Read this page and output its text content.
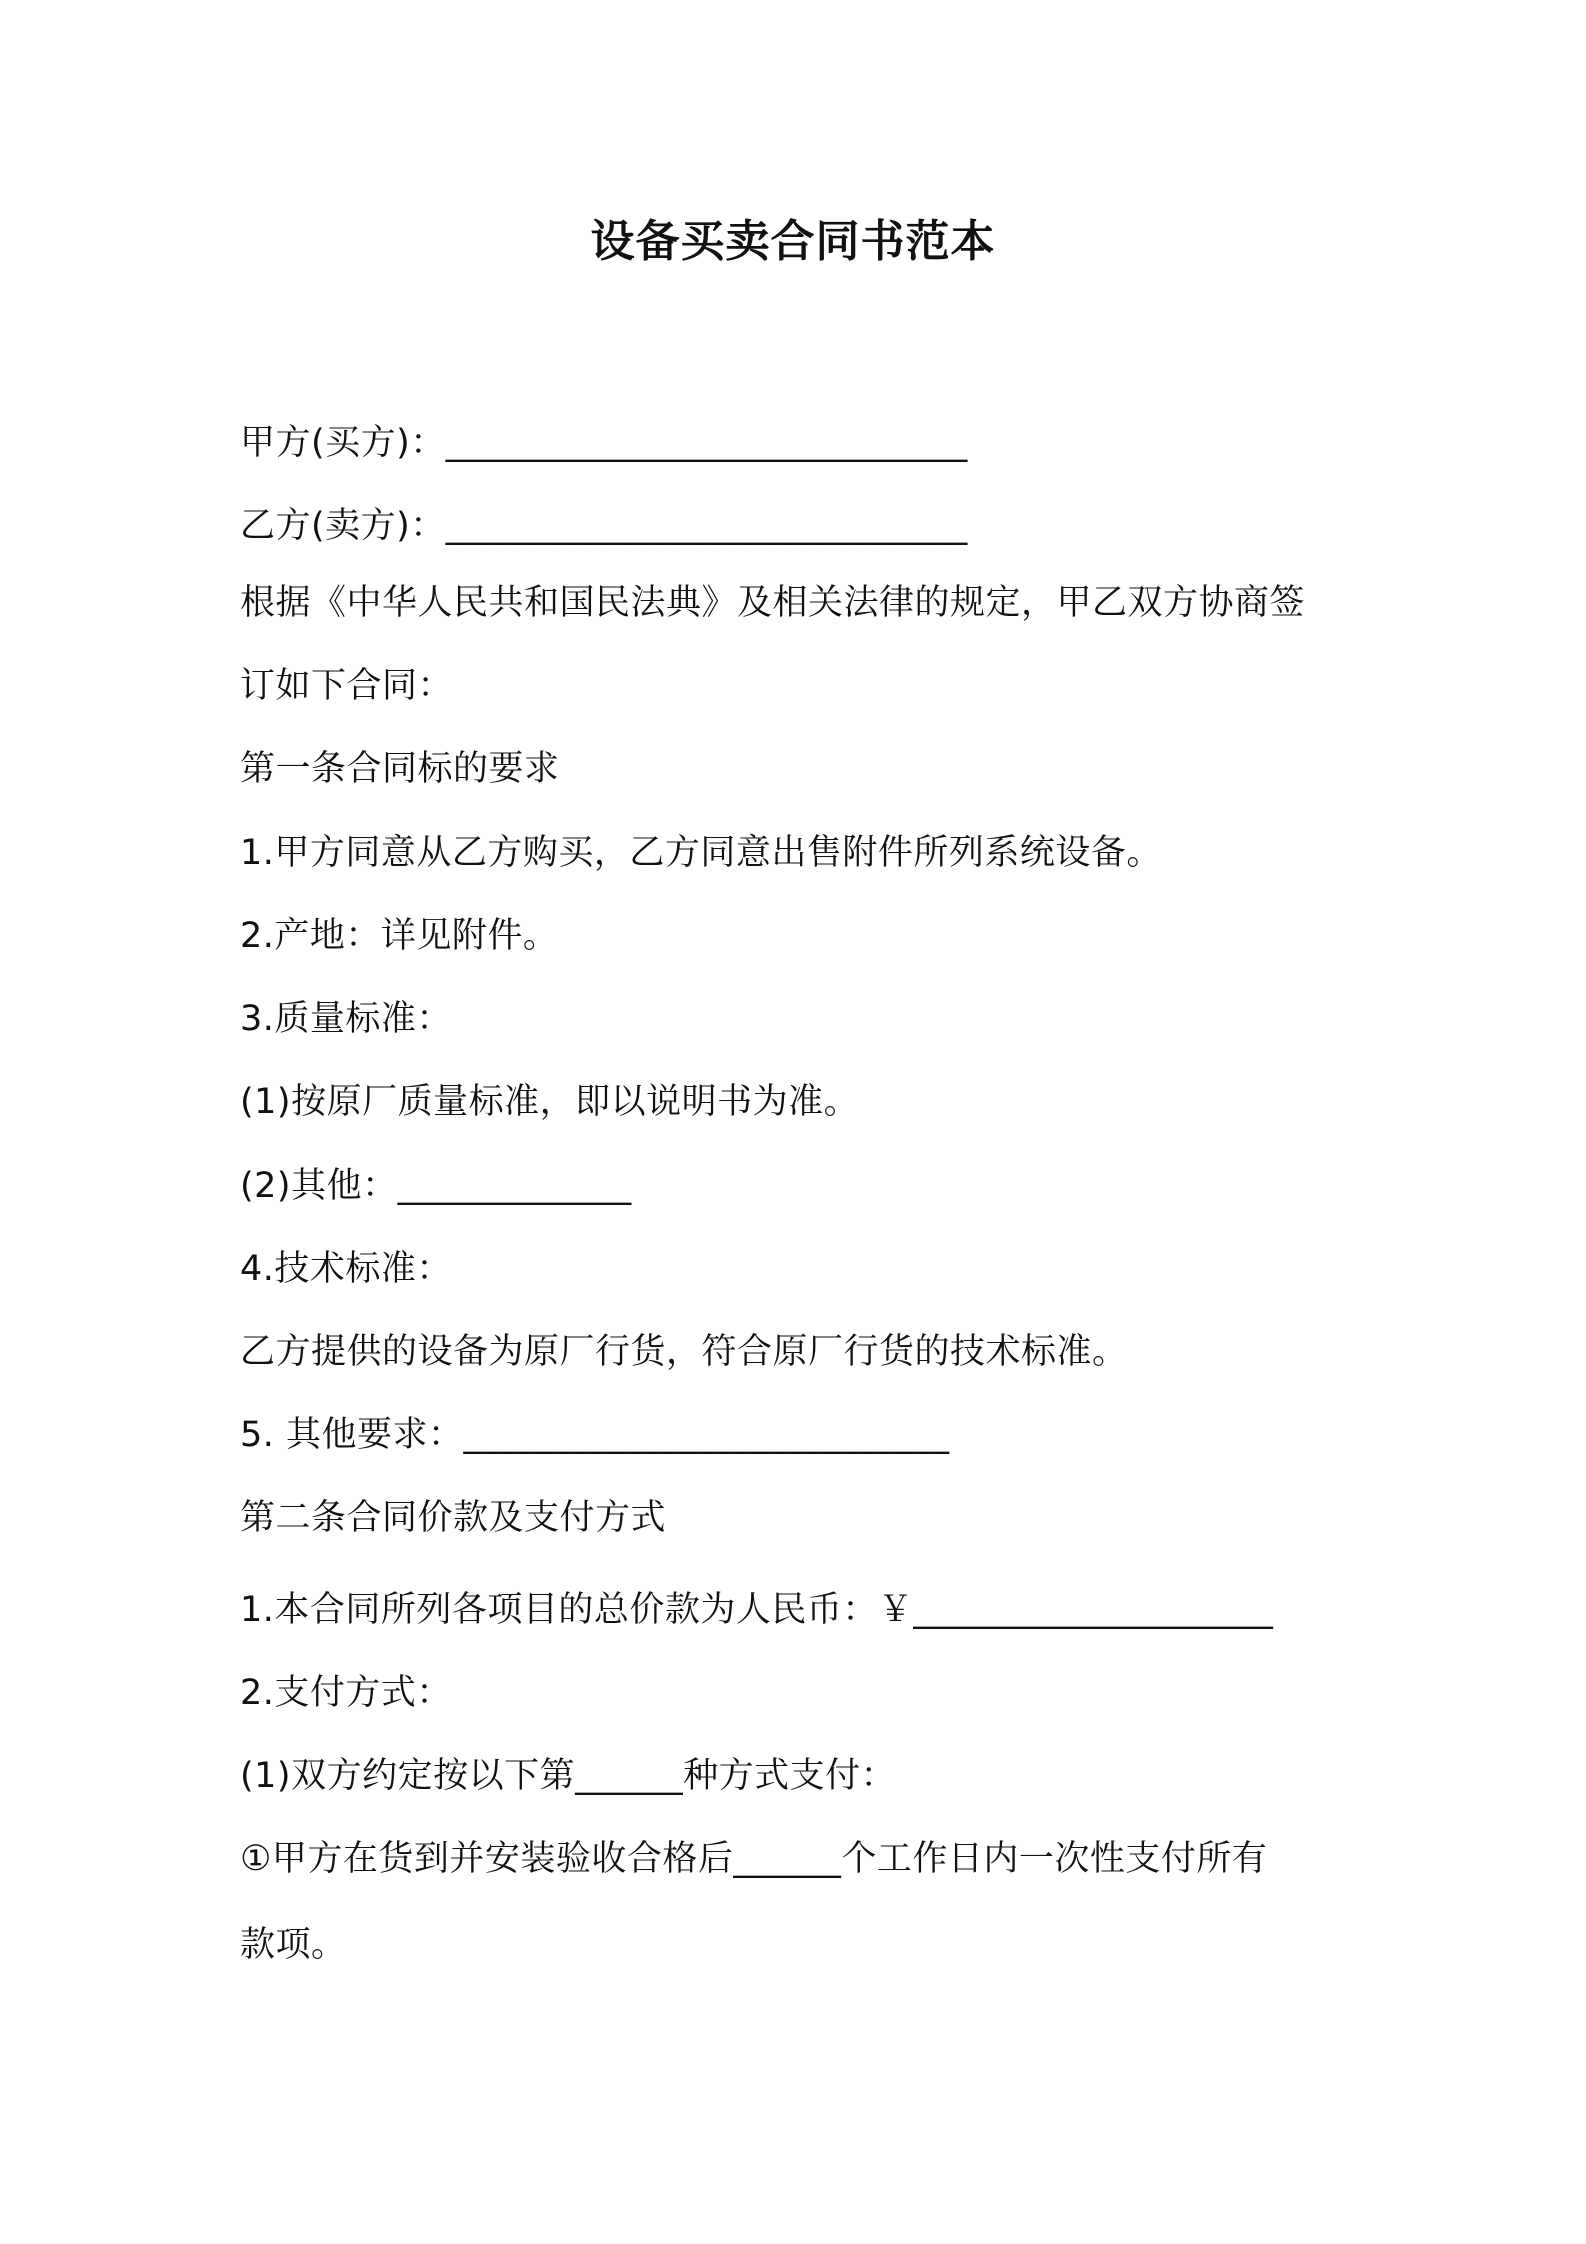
设备买卖合同书范本
甲方(买方)：_____________________________
乙方(卖方)：_____________________________
根据《中华人民共和国民法典》及相关法律的规定，甲乙双方协商签
订如下合同：
第一条合同标的要求
1.甲方同意从乙方购买，乙方同意出售附件所列系统设备。
2.产地：详见附件。
3.质量标准：
(1)按原厂质量标准，即以说明书为准。
(2)其他：_____________
4.技术标准：
乙方提供的设备为原厂行货，符合原厂行货的技术标准。
5. 其他要求：___________________________
第二条合同价款及支付方式
1.本合同所列各项目的总价款为人民币：￥____________________
2.支付方式：
(1)双方约定按以下第______种方式支付：
①甲方在货到并安装验收合格后______个工作日内一次性支付所有
款项。
